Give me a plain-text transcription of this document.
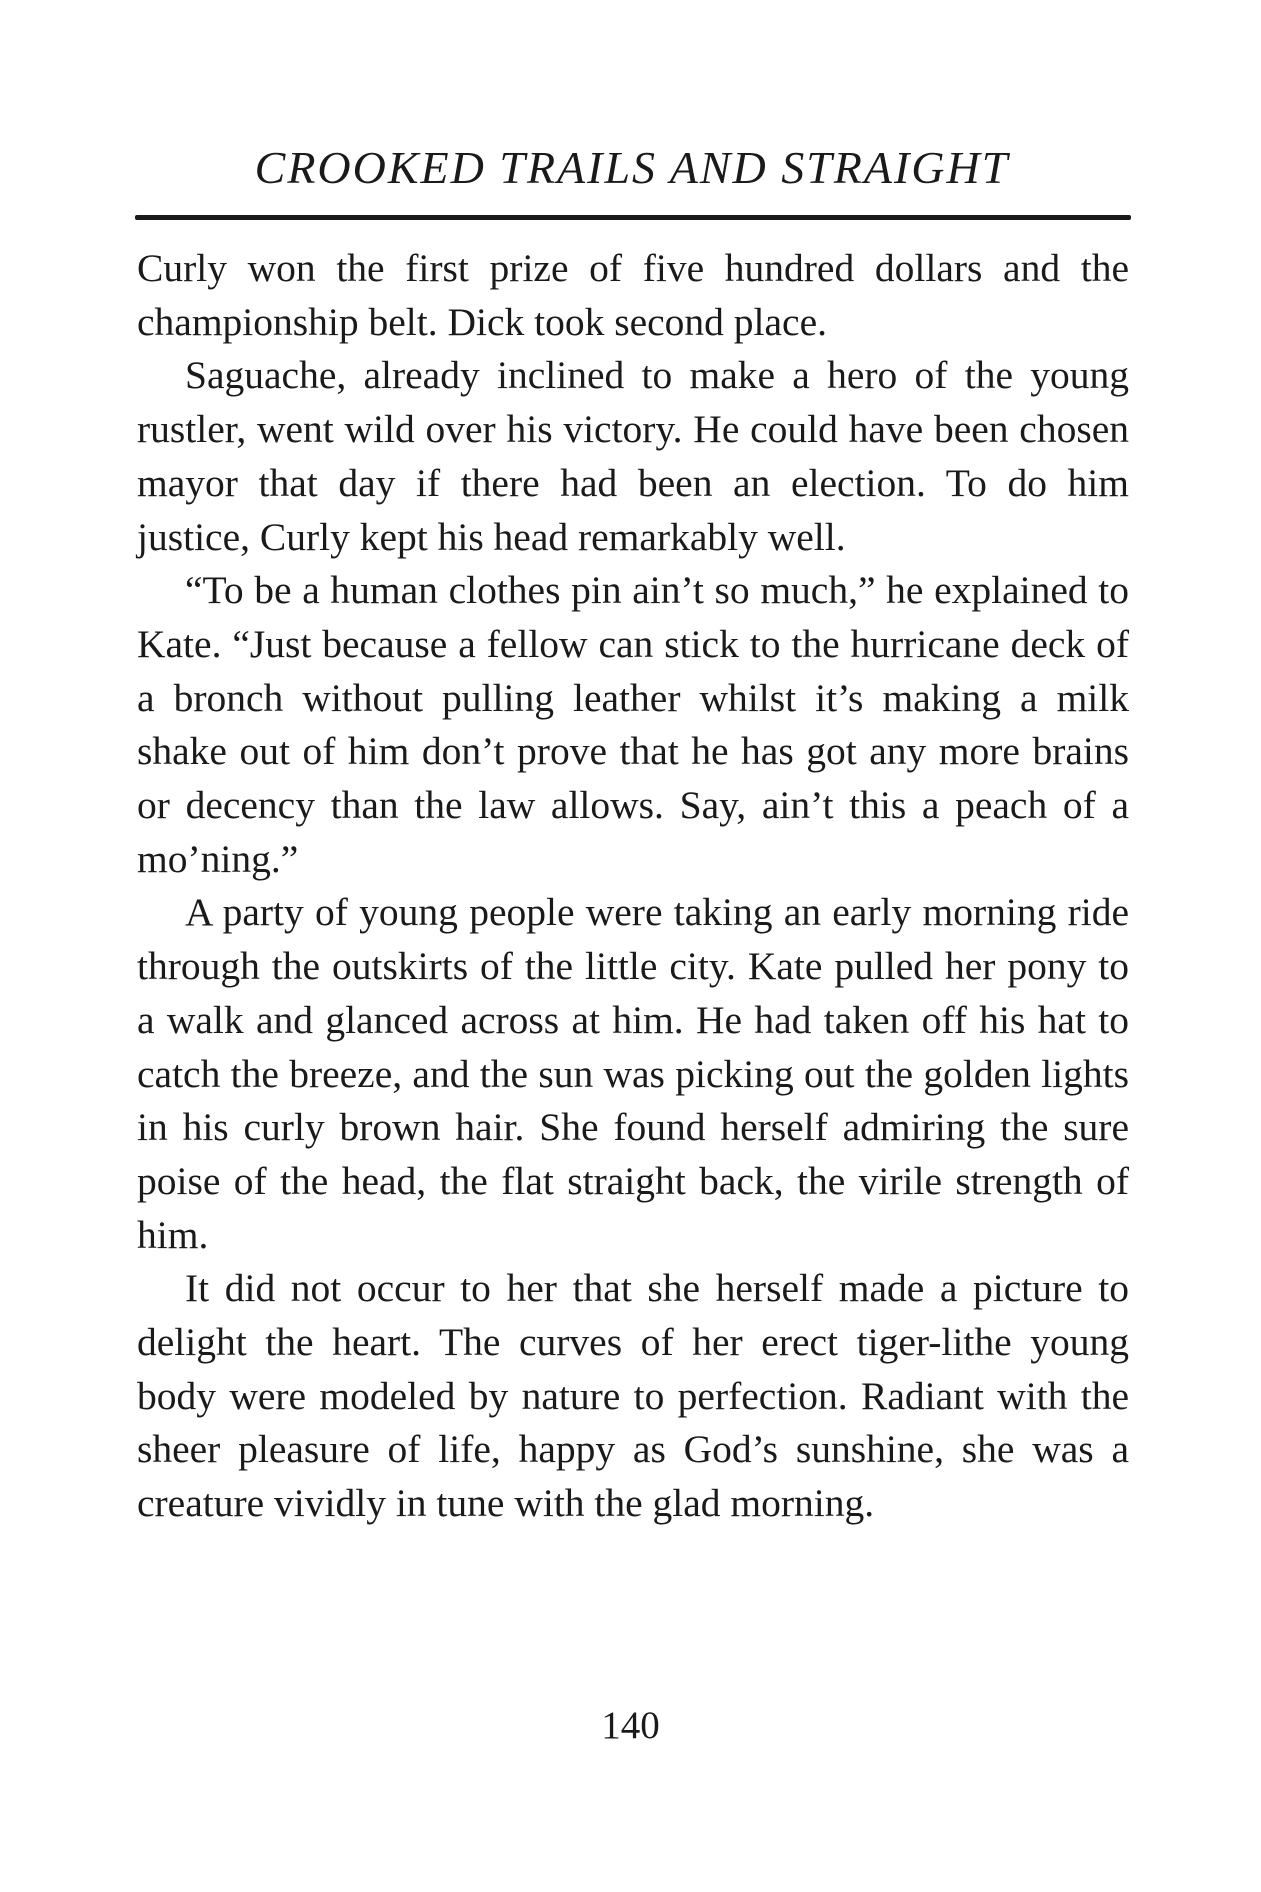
CROOKED TRAILS AND STRAIGHT

Curly won the first prize of five hundred dollars and the championship belt. Dick took second place.

Saguache, already inclined to make a hero of the young rustler, went wild over his victory. He could have been chosen mayor that day if there had been an election. To do him justice, Curly kept his head remarkably well.

“To be a human clothes pin ain’t so much,” he explained to Kate. “Just because a fellow can stick to the hurricane deck of a bronch without pulling leather whilst it’s making a milk shake out of him don’t prove that he has got any more brains or decency than the law allows. Say, ain’t this a peach of a mo’ning.”

A party of young people were taking an early morning ride through the outskirts of the little city. Kate pulled her pony to a walk and glanced across at him. He had taken off his hat to catch the breeze, and the sun was picking out the golden lights in his curly brown hair. She found herself admiring the sure poise of the head, the flat straight back, the virile strength of him.

It did not occur to her that she herself made a picture to delight the heart. The curves of her erect tiger-lithe young body were modeled by nature to perfection. Radiant with the sheer pleasure of life, happy as God’s sunshine, she was a creature vividly in tune with the glad morning.

140
